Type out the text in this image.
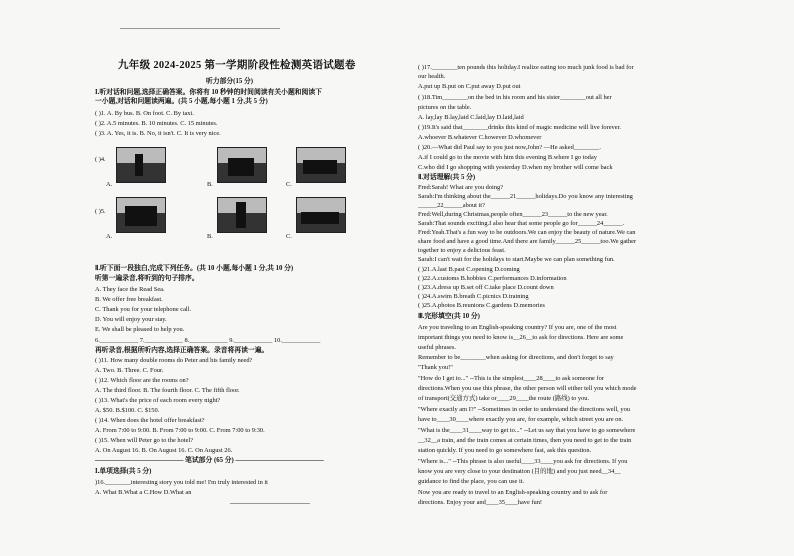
九年级 2024-2025 第一学期阶段性检测英语试题卷
听力部分(15 分)
I.听对话和问题,选择正确答案。你将有 10 秒钟的时间阅读有关小题和阅读下
一小题,对话和问题读两遍。(共 5 小题,每小题 1 分,共 5 分)
( )1. A. By bus. B. On foot. C. By taxi.
( )2. A.5 minutes. B. 10 minutes. C. 15 minutes.
( )3. A. Yes, it is. B. No, it isn't. C. It is very nice.
( )4.
A.	B.	C.
( )5.
A.	B.	C.
Ⅱ.听下面一段独白,完成下列任务。(共 10 小题,每小题 1 分,共 10 分)
听第一遍录音,将听到的句子排序。
A. They face the Read Sea.
B. We offer free breakfast.
C. Thank you for your telephone call.
D. You will enjoy your stay.
E. We shall be pleased to help you.
6.____________ 7.____________ 8.____________ 9.____________ 10.____________
再听录音,根据所听内容,选择正确答案。录音将再读一遍。
( )11. How many double rooms do Peter and his family need?
A. Two. B. Three. C. Four.
( )12. Which floor are the rooms on?
A. The third floor. B. The fourth floor. C. The fifth floor.
( )13. What's the price of each room every night?
A. $50. B.$100. C. $150.
( )14. When does the hotel offer breakfast?
A. From 7:00 to 9:00. B. From 7:00 to 9:00. C. From 7:00 to 9:30.
( )15. When will Peter go to the hotel?
A. On August 16. B. On August 16. C. On August 26.
————————————— 笔试部分 (65 分) —————————————
I.单项选择(共 5 分)
)16.________interesting story you told me! I'm truly interested in it
A. What B.What a C.How D.What an
( )17.________ten pounds this holiday.I realize eating too much junk food is bad for
our health.
A.put up B.put on C.put away D.put out
( )18.Tim________on the bed in his room and his sister________out all her
pictures on the table.
A. lay,lay B.lay,laid C.laid,lay D.laid,laid
( )19.It's said that________drinks this kind of magic medicine will live forever.
A.whoever B.whatever C.however D.whomever
( )20.—What did Paul say to you just now,John? —He asked________.
A.if I could go to the movie with him this evening B.where I go today
C.who did I go shopping with yesterday D.when my brother will come back
Ⅱ.对话理解(共 5 分)
Fred:Sarah! What are you doing?
Sarah:I'm thinking about the______21______holidays.Do you know any interesting
______22______about it?
Fred:Well,during Christmas,people often______23______to the new year.
Sarah:That sounds exciting.I also hear that some people go for______24______.
Fred:Yeah.That's a fun way to be outdoors.We can enjoy the beauty of nature.We can
share food and have a good time.And there are family______25______too.We gather
together to enjoy a delicious feast.
Sarah:I can't wait for the holidays to start.Maybe we can plan something fun.
( )21.A.last B.past C.opening D.coming
( )22.A.customs B.hobbies C.performances D.information
( )23.A.dress up B.set off C.take place D.count down
( )24.A.swim B.breath C.picnics D.training
( )25.A.photos B.reunions C.gardens D.memories
Ⅲ.完形填空(共 10 分)
Are you traveling to an English-speaking country? If you are, one of the most
important things you need to know is__26__to ask for directions. Here are some
useful phrases.
Remember to be________when asking for directions, and don't forget to say
"Thank you!"
"How do I get to..." --This is the simplest____28____to ask someone for
directions.When you use this phrase, the other person will either tell you which mode
of transport(交通方式) take or____29____the route (路线) to you.
"Where exactly am I?" --Sometimes in order to understand the directions well, you
have to____30____where exactly you are, for example, which street you are on.
"What is the____31____way to get to..." --Let us say that you have to go somewhere
__32__a train, and the train comes at certain times, then you need to get to the train
station quickly. If you need to go somewhere fast, ask this question.
"Where is..." --This phrase is also useful____33____you ask for directions. If you
know you are very close to your destination (目的地) and you just need__34__
guidance to find the place, you can use it.
Now you are ready to travel to an English-speaking country and to ask for
directions. Enjoy your and____35____have fun!
